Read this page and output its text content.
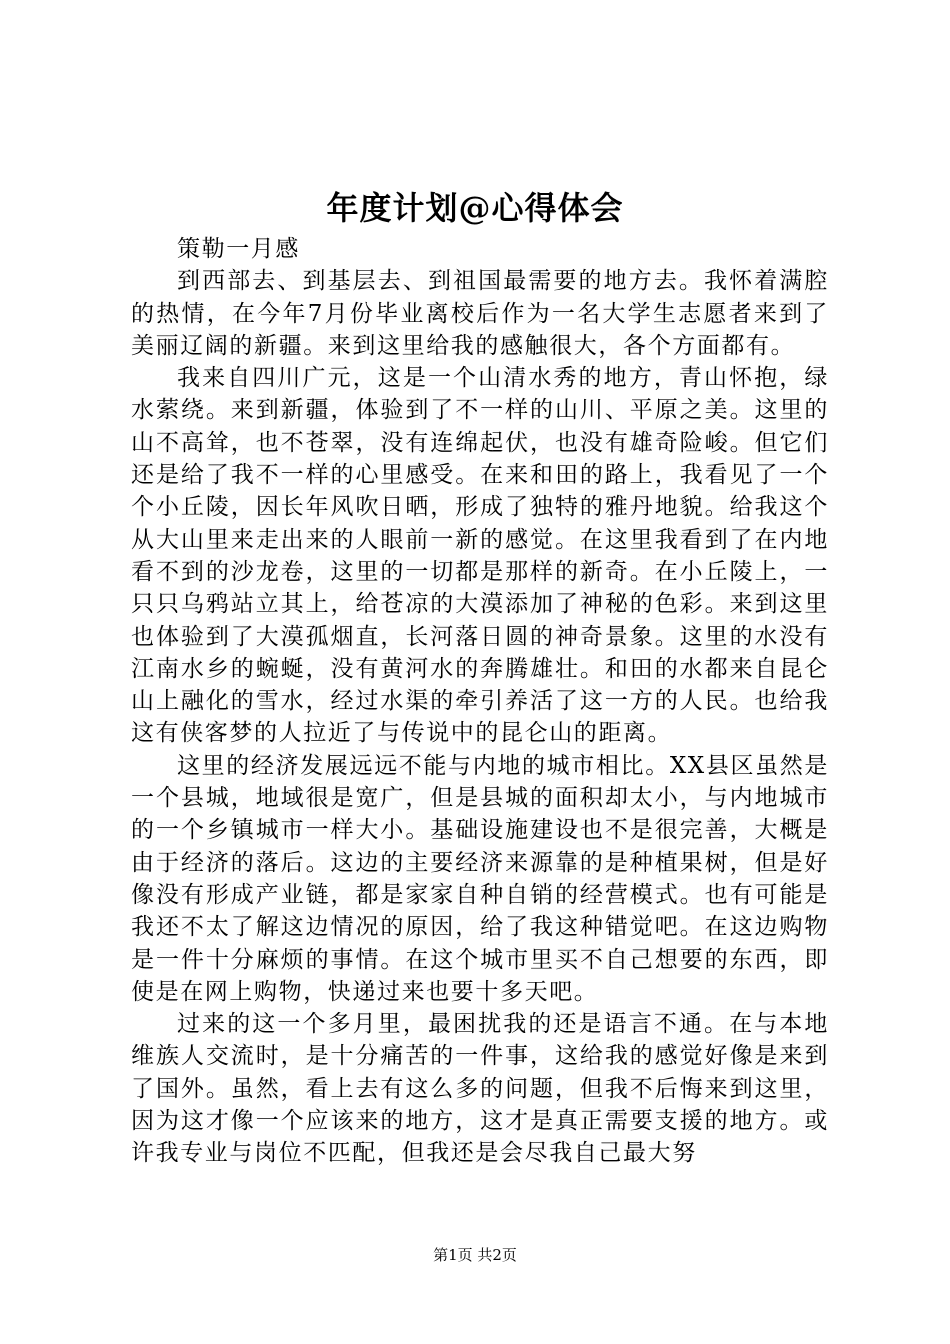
年度计划@心得体会

策勒一月感

到西部去、到基层去、到祖国最需要的地方去。我怀着满腔的热情，在今年7月份毕业离校后作为一名大学生志愿者来到了美丽辽阔的新疆。来到这里给我的感触很大，各个方面都有。

我来自四川广元，这是一个山清水秀的地方，青山怀抱，绿水萦绕。来到新疆，体验到了不一样的山川、平原之美。这里的山不高耸，也不苍翠，没有连绵起伏，也没有雄奇险峻。但它们还是给了我不一样的心里感受。在来和田的路上，我看见了一个个小丘陵，因长年风吹日晒，形成了独特的雅丹地貌。给我这个从大山里来走出来的人眼前一新的感觉。在这里我看到了在内地看不到的沙龙卷，这里的一切都是那样的新奇。在小丘陵上，一只只乌鸦站立其上，给苍凉的大漠添加了神秘的色彩。来到这里也体验到了大漠孤烟直，长河落日圆的神奇景象。这里的水没有江南水乡的蜿蜒，没有黄河水的奔腾雄壮。和田的水都来自昆仑山上融化的雪水，经过水渠的牵引养活了这一方的人民。也给我这有侠客梦的人拉近了与传说中的昆仑山的距离。

这里的经济发展远远不能与内地的城市相比。XX县区虽然是一个县城，地域很是宽广，但是县城的面积却太小，与内地城市的一个乡镇城市一样大小。基础设施建设也不是很完善，大概是由于经济的落后。这边的主要经济来源靠的是种植果树，但是好像没有形成产业链，都是家家自种自销的经营模式。也有可能是我还不太了解这边情况的原因，给了我这种错觉吧。在这边购物是一件十分麻烦的事情。在这个城市里买不自己想要的东西，即使是在网上购物，快递过来也要十多天吧。

过来的这一个多月里，最困扰我的还是语言不通。在与本地维族人交流时，是十分痛苦的一件事，这给我的感觉好像是来到了国外。虽然，看上去有这么多的问题，但我不后悔来到这里，因为这才像一个应该来的地方，这才是真正需要支援的地方。或许我专业与岗位不匹配，但我还是会尽我自己最大努

第1页 共2页
